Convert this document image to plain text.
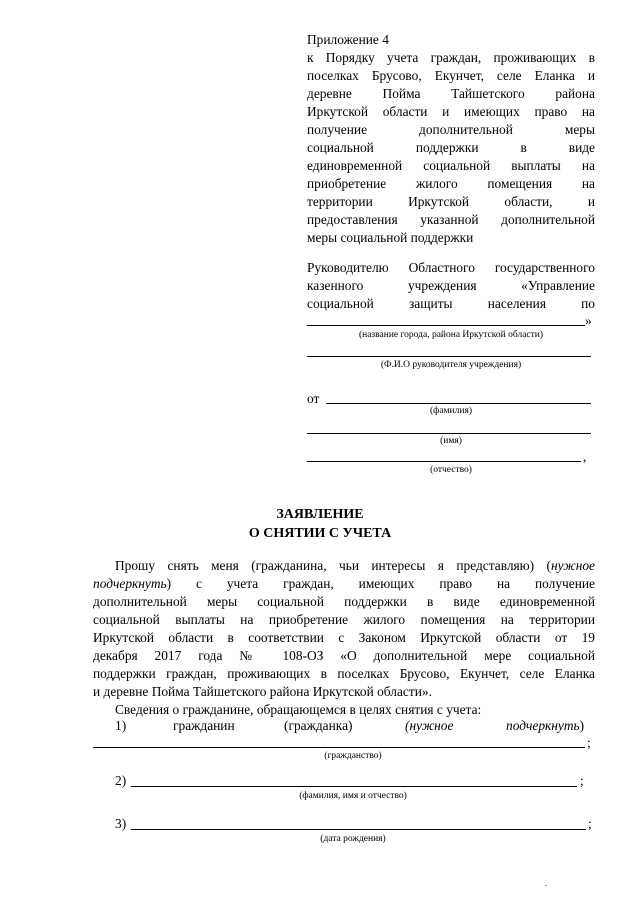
Приложение 4
к Порядку учета граждан, проживающих в
поселках Брусово, Екунчет, селе Еланка и
деревне Пойма Тайшетского района
Иркутской области и имеющих право на
получение дополнительной меры
социальной поддержки в виде
единовременной социальной выплаты на
приобретение жилого помещения на
территории Иркутской области, и
предоставления указанной дополнительной
меры социальной поддержки
Руководителю Областного государственного
казенного учреждения «Управление
социальной защиты населения по
»
(название города, района Иркутской области)
(Ф.И.О руководителя учреждения)
от
(фамилия)
(имя)
,
(отчество)
ЗАЯВЛЕНИЕ
О СНЯТИИ С УЧЕТА
Прошу снять меня (гражданина, чьи интересы я представляю) (нужное
подчеркнуть) с учета граждан, имеющих право на получение
дополнительной меры социальной поддержки в виде единовременной
социальной выплаты на приобретение жилого помещения на территории
Иркутской области в соответствии с Законом Иркутской области от 19
декабря 2017 года № 108-ОЗ «О дополнительной мере социальной
поддержки граждан, проживающих в поселках Брусово, Екунчет, селе Еланка
и деревне Пойма Тайшетского района Иркутской области».
Сведения о гражданине, обращающемся в целях снятия с учета:
1)	гражданин	(гражданка)	(нужное	подчеркнуть)
;
(гражданство)
2)	;
(фамилия, имя и отчество)
3)	;
(дата рождения)
